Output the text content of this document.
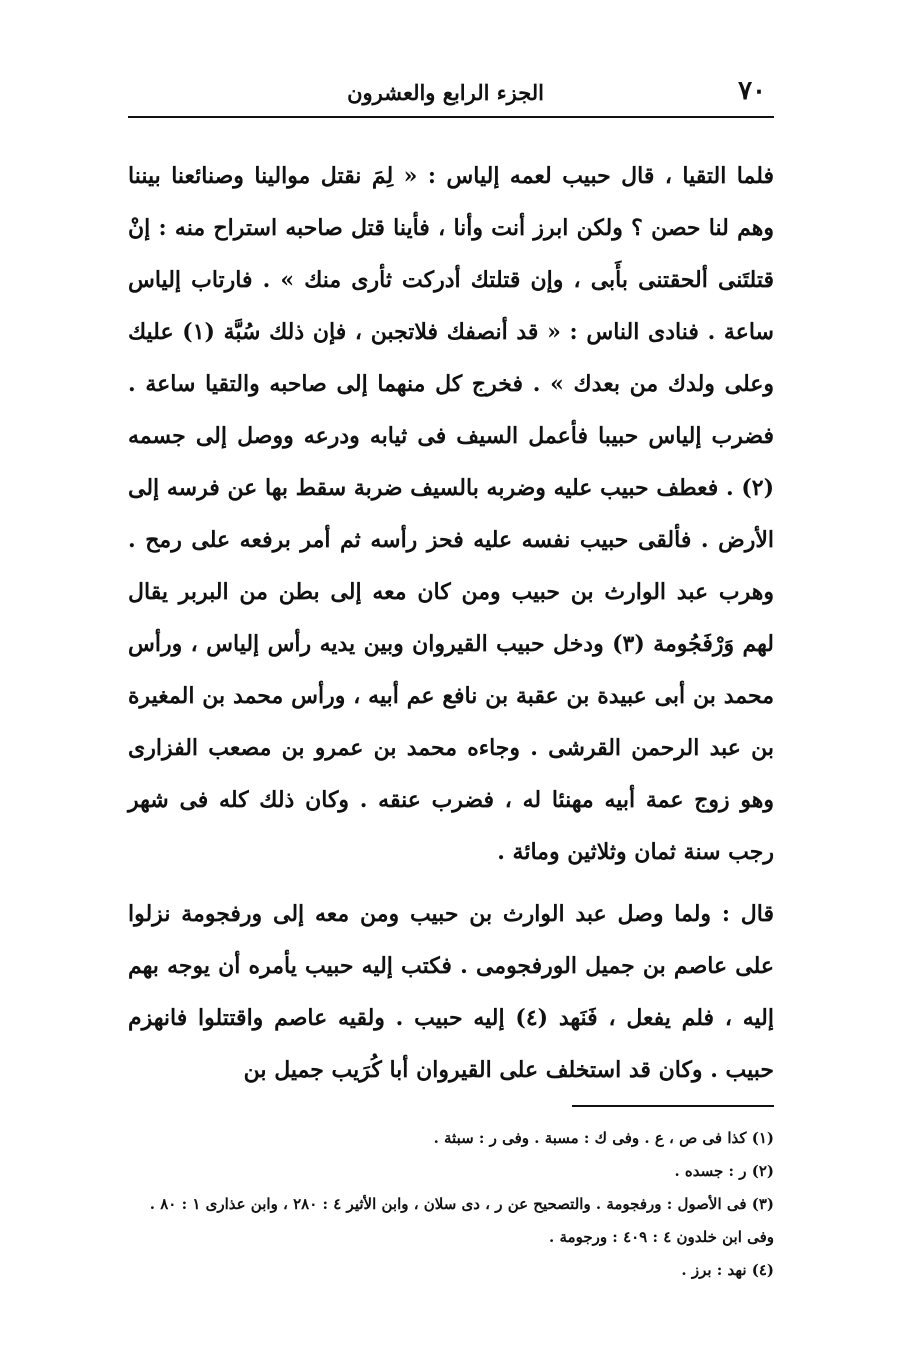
٧٠
الجزء الرابع والعشرون

فلما التقيا ، قال حبيب لعمه إلياس : « لِمَ نقتل موالينا وصنائعنا بيننا وهم لنا حصن ؟ ولكن ابرز أنت وأنا ، فأينا قتل صاحبه استراح منه : إنْ قتلتَنى ألحقتنى بأَبى ، وإن قتلتك أدركت ثأرى منك » . فارتاب إلياس ساعة . فنادى الناس : « قد أنصفك فلاتجبن ، فإن ذلك سُبَّة (١) عليك وعلى ولدك من بعدك » . فخرج كل منهما إلى صاحبه والتقيا ساعة . فضرب إلياس حبيبا فأعمل السيف فى ثيابه ودرعه ووصل إلى جسمه (٢) . فعطف حبيب عليه وضربه بالسيف ضربة سقط بها عن فرسه إلى الأرض . فألقى حبيب نفسه عليه فحز رأسه ثم أمر برفعه على رمح . وهرب عبد الوارث بن حبيب ومن كان معه إلى بطن من البربر يقال لهم وَرْفَجُومة (٣) ودخل حبيب القيروان وبين يديه رأس إلياس ، ورأس محمد بن أبى عبيدة بن عقبة بن نافع عم أبيه ، ورأس محمد بن المغيرة بن عبد الرحمن القرشى . وجاءه محمد بن عمرو بن مصعب الفزارى وهو زوج عمة أبيه مهنئا له ، فضرب عنقه . وكان ذلك كله فى شهر رجب سنة ثمان وثلاثين ومائة .

قال : ولما وصل عبد الوارث بن حبيب ومن معه إلى ورفجومة نزلوا على عاصم بن جميل الورفجومى . فكتب إليه حبيب يأمره أن يوجه بهم إليه ، فلم يفعل ، فَنَهد (٤) إليه حبيب . ولقيه عاصم واقتتلوا فانهزم حبيب . وكان قد استخلف على القيروان أبا كُرَيب جميل بن

(١) كذا فى ص ، ع . وفى ك : مسبة . وفى ر : سبثة .

(٢) ر : جسده .

(٣) فى الأصول : ورفجومة . والتصحيح عن ر ، دى سلان ، وابن الأثير ٤ : ٢٨٠ ، وابن عذارى ١ : ٨٠ . وفى ابن خلدون ٤ : ٤٠٩ : ورجومة .

(٤) نهد : برز .
